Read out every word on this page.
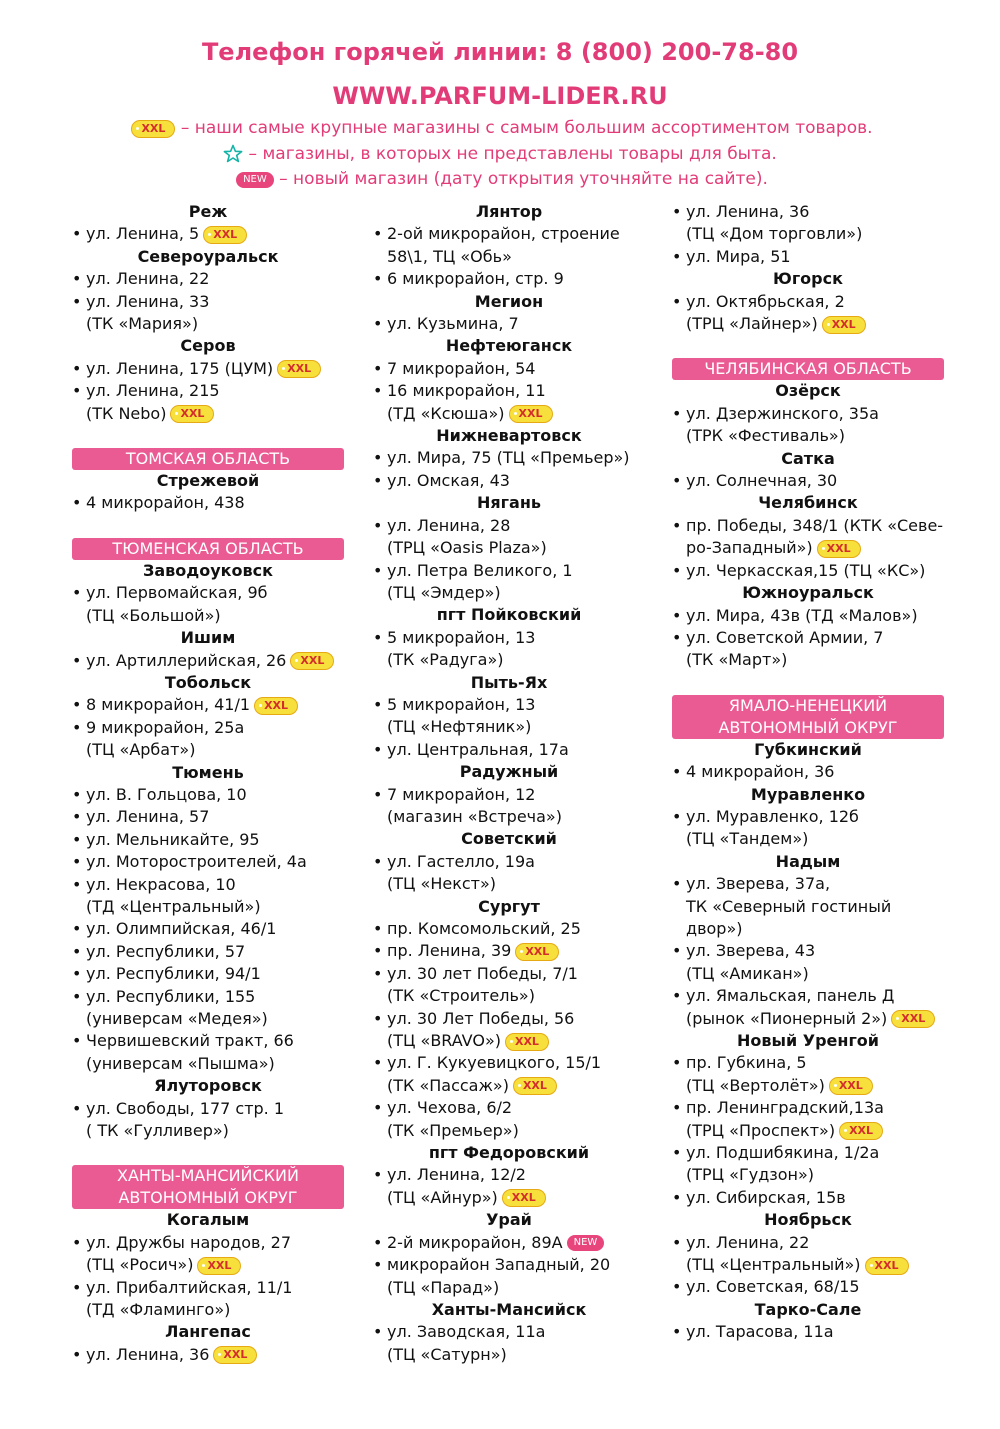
Телефон горячей линии: 8 (800) 200-78-80
WWW.PARFUM-LIDER.RU
XXL – наши самые крупные магазины с самым большим ассортиментом товаров.
– магазины, в которых не представлены товары для быта.
NEW – новый магазин (дату открытия уточняйте на сайте).
Реж
• ул. Ленина, 5 XXL
Североуральск
• ул. Ленина, 22
• ул. Ленина, 33
(ТК «Мария»)
Серов
• ул. Ленина, 175 (ЦУМ) XXL
• ул. Ленина, 215
(ТК Nebo) XXL
ТОМСКАЯ ОБЛАСТЬ
Стрежевой
• 4 микрорайон, 438
ТЮМЕНСКАЯ ОБЛАСТЬ
Заводоуковск
• ул. Первомайская, 9б
(ТЦ «Большой»)
Ишим
• ул. Артиллерийская, 26 XXL
Тобольск
• 8 микрорайон, 41/1 XXL
• 9 микрорайон, 25а
(ТЦ «Арбат»)
Тюмень
• ул. В. Гольцова, 10
• ул. Ленина, 57
• ул. Мельникайте, 95
• ул. Моторостроителей, 4а
• ул. Некрасова, 10
(ТД «Центральный»)
• ул. Олимпийская, 46/1
• ул. Республики, 57
• ул. Республики, 94/1
• ул. Республики, 155
(универсам «Медея»)
• Червишевский тракт, 66
(универсам «Пышма»)
Ялуторовск
• ул. Свободы, 177 стр. 1
( ТК «Гулливер»)
ХАНТЫ-МАНСИЙСКИЙ АВТОНОМНЫЙ ОКРУГ
Когалым
• ул. Дружбы народов, 27
(ТЦ «Росич») XXL
• ул. Прибалтийская, 11/1
(ТД «Фламинго»)
Лангепас
• ул. Ленина, 36 XXL
Лянтор
• 2-ой микрорайон, строение
58\1, ТЦ «Обь»
• 6 микрорайон, стр. 9
Мегион
• ул. Кузьмина, 7
Нефтеюганск
• 7 микрорайон, 54
• 16 микрорайон, 11
(ТД «Ксюша») XXL
Нижневартовск
• ул. Мира, 75 (ТЦ «Премьер»)
• ул. Омская, 43
Нягань
• ул. Ленина, 28
(ТРЦ «Oasis Plaza»)
• ул. Петра Великого, 1
(ТЦ «Эмдер»)
пгт Пойковский
• 5 микрорайон, 13
(ТК «Радуга»)
Пыть-Ях
• 5 микрорайон, 13
(ТЦ «Нефтяник»)
• ул. Центральная, 17а
Радужный
• 7 микрорайон, 12
(магазин «Встреча»)
Советский
• ул. Гастелло, 19а
(ТЦ «Некст»)
Сургут
• пр. Комсомольский, 25
• пр. Ленина, 39 XXL
• ул. 30 лет Победы, 7/1
(ТК «Строитель»)
• ул. 30 Лет Победы, 56
(ТЦ «BRAVO») XXL
• ул. Г. Кукуевицкого, 15/1
(ТК «Пассаж») XXL
• ул. Чехова, 6/2
(ТК «Премьер»)
пгт Федоровский
• ул. Ленина, 12/2
(ТЦ «Айнур») XXL
Урай
• 2-й микрорайон, 89А NEW
• микрорайон Западный, 20
(ТЦ «Парад»)
Ханты-Мансийск
• ул. Заводская, 11а
(ТЦ «Сатурн»)
• ул. Ленина, 36
(ТЦ «Дом торговли»)
• ул. Мира, 51
Югорск
• ул. Октябрьская, 2
(ТРЦ «Лайнер») XXL
ЧЕЛЯБИНСКАЯ ОБЛАСТЬ
Озёрск
• ул. Дзержинского, 35а
(ТРК «Фестиваль»)
Сатка
• ул. Солнечная, 30
Челябинск
• пр. Победы, 348/1 (КТК «Севе-
ро-Западный») XXL
• ул. Черкасская,15 (ТЦ «КС»)
Южноуральск
• ул. Мира, 43в (ТД «Малов»)
• ул. Советской Армии, 7
(ТК «Март»)
ЯМАЛО-НЕНЕЦКИЙ АВТОНОМНЫЙ ОКРУГ
Губкинский
• 4 микрорайон, 36
Муравленко
• ул. Муравленко, 12б
(ТЦ «Тандем»)
Надым
• ул. Зверева, 37а,
ТК «Северный гостиный
двор»)
• ул. Зверева, 43
(ТЦ «Амикан»)
• ул. Ямальская, панель Д
(рынок «Пионерный 2») XXL
Новый Уренгой
• пр. Губкина, 5
(ТЦ «Вертолёт») XXL
• пр. Ленинградский,13а
(ТРЦ «Проспект») XXL
• ул. Подшибякина, 1/2а
(ТРЦ «Гудзон»)
• ул. Сибирская, 15в
Ноябрьск
• ул. Ленина, 22
(ТЦ «Центральный») XXL
• ул. Советская, 68/15
Тарко-Сале
• ул. Тарасова, 11а
